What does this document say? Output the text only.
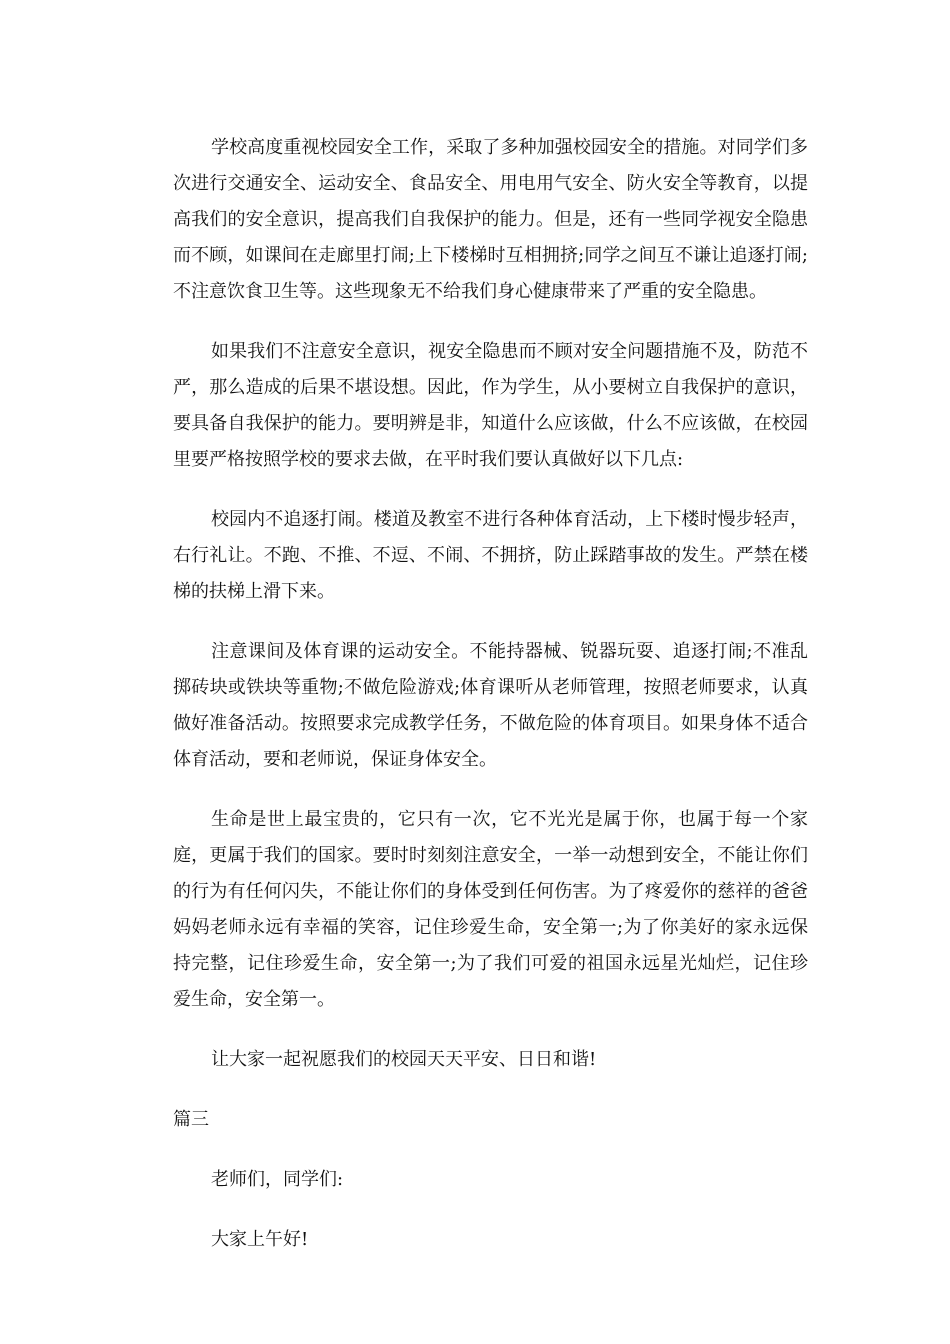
学校高度重视校园安全工作，采取了多种加强校园安全的措施。对同学们多次进行交通安全、运动安全、食品安全、用电用气安全、防火安全等教育，以提高我们的安全意识，提高我们自我保护的能力。但是，还有一些同学视安全隐患而不顾，如课间在走廊里打闹;上下楼梯时互相拥挤;同学之间互不谦让追逐打闹;不注意饮食卫生等。这些现象无不给我们身心健康带来了严重的安全隐患。

如果我们不注意安全意识，视安全隐患而不顾对安全问题措施不及，防范不严，那么造成的后果不堪设想。因此，作为学生，从小要树立自我保护的意识，要具备自我保护的能力。要明辨是非，知道什么应该做，什么不应该做，在校园里要严格按照学校的要求去做，在平时我们要认真做好以下几点:

校园内不追逐打闹。楼道及教室不进行各种体育活动，上下楼时慢步轻声，右行礼让。不跑、不推、不逗、不闹、不拥挤，防止踩踏事故的发生。严禁在楼梯的扶梯上滑下来。

注意课间及体育课的运动安全。不能持器械、锐器玩耍、追逐打闹;不准乱掷砖块或铁块等重物;不做危险游戏;体育课听从老师管理，按照老师要求，认真做好准备活动。按照要求完成教学任务，不做危险的体育项目。如果身体不适合体育活动，要和老师说，保证身体安全。

生命是世上最宝贵的，它只有一次，它不光光是属于你，也属于每一个家庭，更属于我们的国家。要时时刻刻注意安全，一举一动想到安全，不能让你们的行为有任何闪失，不能让你们的身体受到任何伤害。为了疼爱你的慈祥的爸爸妈妈老师永远有幸福的笑容，记住珍爱生命，安全第一;为了你美好的家永远保持完整，记住珍爱生命，安全第一;为了我们可爱的祖国永远星光灿烂，记住珍爱生命，安全第一。

让大家一起祝愿我们的校园天天平安、日日和谐!

篇三

老师们，同学们:

大家上午好!
